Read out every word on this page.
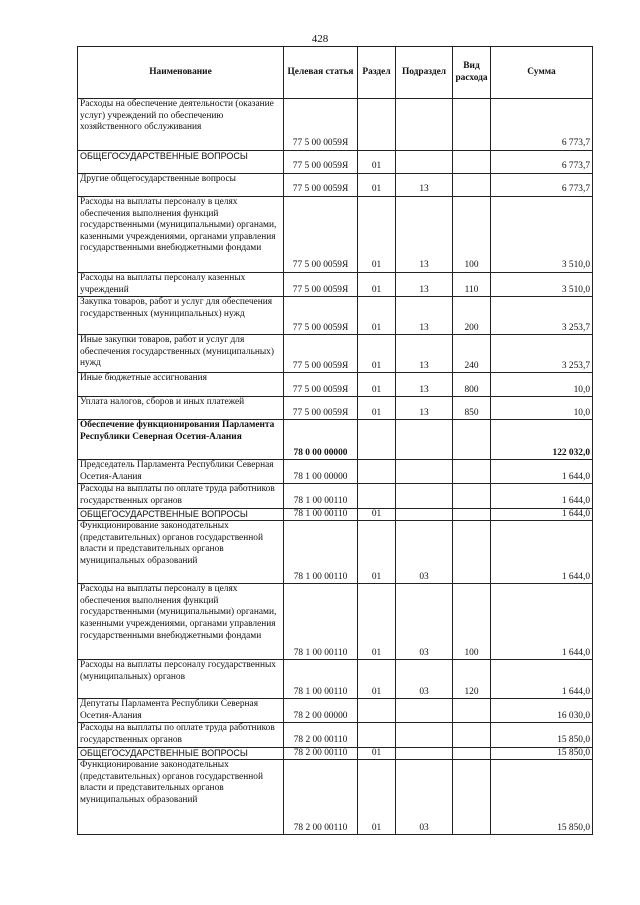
428
Наименование	Целевая статья	Раздел	Подраздел	Вид расхода	Сумма
Расходы на обеспечение деятельности (оказание услуг) учреждений по обеспечению хозяйственного обслуживания	77 5 00 0059Я				6 773,7
ОБЩЕГОСУДАРСТВЕННЫЕ ВОПРОСЫ	77 5 00 0059Я	01			6 773,7
Другие общегосударственные вопросы	77 5 00 0059Я	01	13		6 773,7
Расходы на выплаты персоналу в целях обеспечения выполнения функций государственными (муниципальными) органами, казенными учреждениями, органами управления государственными внебюджетными фондами	77 5 00 0059Я	01	13	100	3 510,0
Расходы на выплаты персоналу казенных учреждений	77 5 00 0059Я	01	13	110	3 510,0
Закупка товаров, работ и услуг для обеспечения государственных (муниципальных) нужд	77 5 00 0059Я	01	13	200	3 253,7
Иные закупки товаров, работ и услуг для обеспечения государственных (муниципальных) нужд	77 5 00 0059Я	01	13	240	3 253,7
Иные бюджетные ассигнования	77 5 00 0059Я	01	13	800	10,0
Уплата налогов, сборов и иных платежей	77 5 00 0059Я	01	13	850	10,0
Обеспечение функционирования Парламента Республики Северная Осетия-Алания	78 0 00 00000				122 032,0
Председатель Парламента Республики Северная Осетия-Алания	78 1 00 00000				1 644,0
Расходы на выплаты по оплате труда работников государственных органов	78 1 00 00110				1 644,0
ОБЩЕГОСУДАРСТВЕННЫЕ ВОПРОСЫ	78 1 00 00110	01			1 644,0
Функционирование законодательных (представительных) органов государственной власти и представительных органов муниципальных образований	78 1 00 00110	01	03		1 644,0
Расходы на выплаты персоналу в целях обеспечения выполнения функций государственными (муниципальными) органами, казенными учреждениями, органами управления государственными внебюджетными фондами	78 1 00 00110	01	03	100	1 644,0
Расходы на выплаты персоналу государственных (муниципальных) органов	78 1 00 00110	01	03	120	1 644,0
Депутаты Парламента Республики Северная Осетия-Алания	78 2 00 00000				16 030,0
Расходы на выплаты по оплате труда работников государственных органов	78 2 00 00110				15 850,0
ОБЩЕГОСУДАРСТВЕННЫЕ ВОПРОСЫ	78 2 00 00110	01			15 850,0
Функционирование законодательных (представительных) органов государственной власти и представительных органов муниципальных образований	78 2 00 00110	01	03		15 850,0
